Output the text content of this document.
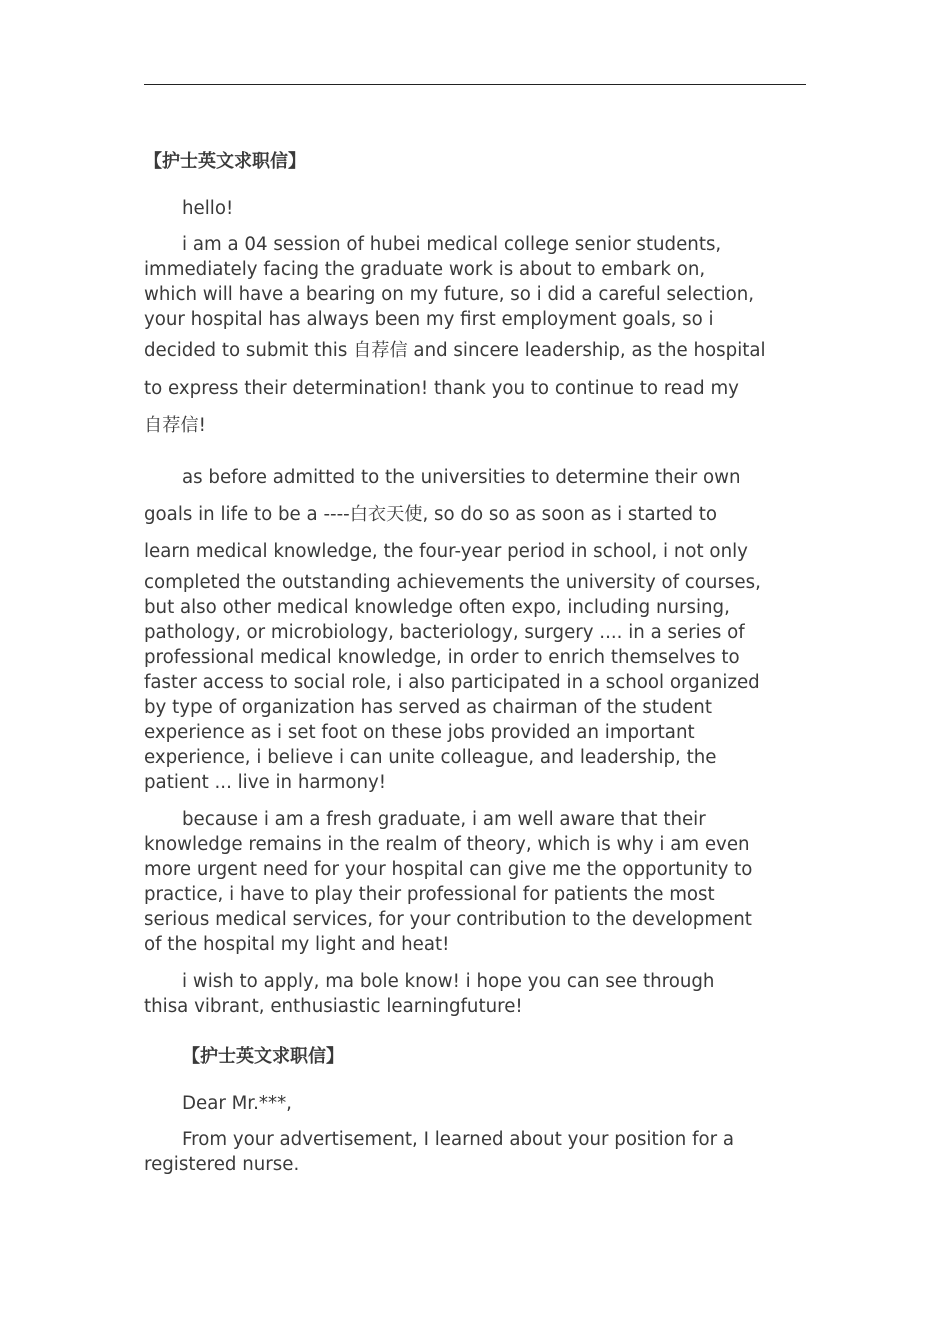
【护士英文求职信】
hello!
i am a 04 session of hubei medical college senior students,
immediately facing the graduate work is about to embark on,
which will have a bearing on my future, so i did a careful selection,
your hospital has always been my first employment goals, so i
decided to submit this 自荐信 and sincere leadership, as the hospital
to express their determination! thank you to continue to read my
自荐信!
as before admitted to the universities to determine their own
goals in life to be a ----白衣天使, so do so as soon as i started to
learn medical knowledge, the four-year period in school, i not only
completed the outstanding achievements the university of courses,
but also other medical knowledge often expo, including nursing,
pathology, or microbiology, bacteriology, surgery .... in a series of
professional medical knowledge, in order to enrich themselves to
faster access to social role, i also participated in a school organized
by type of organization has served as chairman of the student
experience as i set foot on these jobs provided an important
experience, i believe i can unite colleague, and leadership, the
patient ... live in harmony!
because i am a fresh graduate, i am well aware that their
knowledge remains in the realm of theory, which is why i am even
more urgent need for your hospital can give me the opportunity to
practice, i have to play their professional for patients the most
serious medical services, for your contribution to the development
of the hospital my light and heat!
i wish to apply, ma bole know! i hope you can see through
thisa vibrant, enthusiastic learningfuture!
【护士英文求职信】
Dear Mr.***,
From your advertisement, I learned about your position for a
registered nurse.
